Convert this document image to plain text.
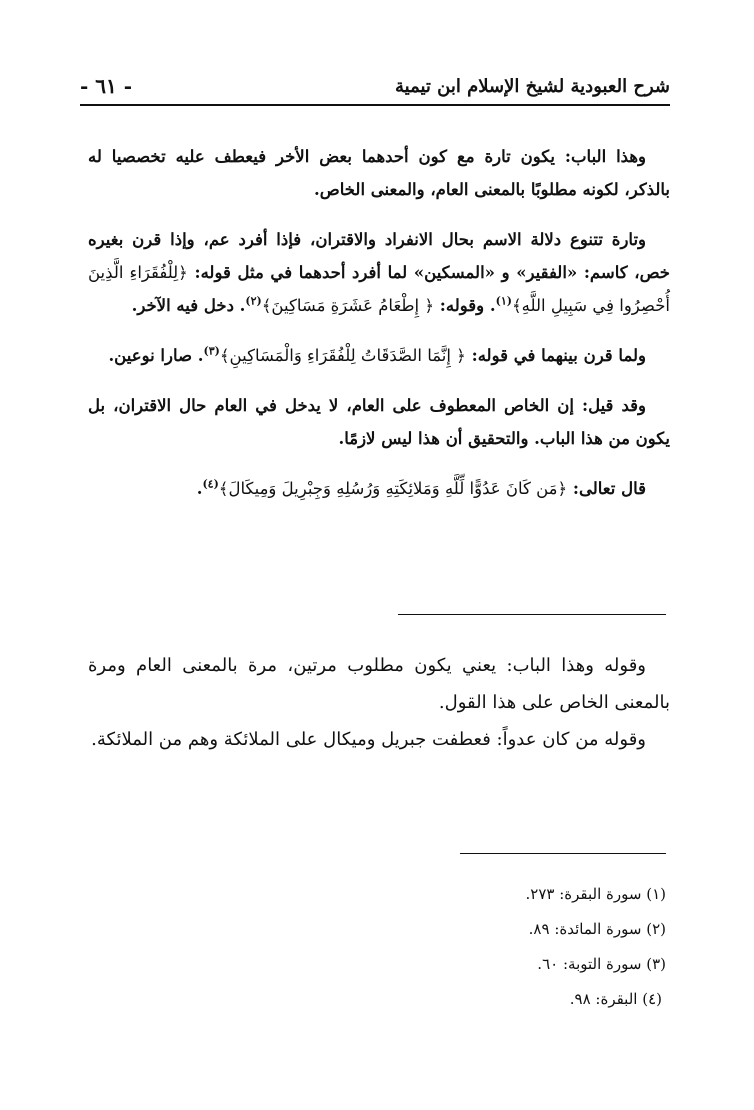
شرح العبودية لشيخ الإسلام ابن تيمية
- ٦١ -

وهذا الباب: يكون تارة مع كون أحدهما بعض الأخر فيعطف عليه تخصصيا له بالذكر، لكونه مطلوبًا بالمعنى العام، والمعنى الخاص.

وتارة تتنوع دلالة الاسم بحال الانفراد والاقتران، فإذا أفرد عم، وإذا قرن بغيره خص، كاسم: «الفقير» و «المسكين» لما أفرد أحدهما في مثل قوله: ﴿لِلْفُقَرَاءِ الَّذِينَ أُحْصِرُوا فِي سَبِيلِ اللَّهِ﴾$^{(١)}$. وقوله: ﴿ إِطْعَامُ عَشَرَةِ مَسَاكِينَ﴾$^{(٢)}$. دخل فيه الآخر.

ولما قرن بينهما في قوله: ﴿ إِنَّمَا الصَّدَقَاتُ لِلْفُقَرَاءِ وَالْمَسَاكِينِ﴾$^{(٣)}$. صارا نوعين.

وقد قيل: إن الخاص المعطوف على العام، لا يدخل في العام حال الاقتران، بل يكون من هذا الباب. والتحقيق أن هذا ليس لازمًا.

قال تعالى: ﴿مَن كَانَ عَدُوًّا لِّلَّهِ وَمَلائِكَتِهِ وَرُسُلِهِ وَجِبْرِيلَ وَمِيكَالَ﴾$^{(٤)}$.

وقوله وهذا الباب: يعني يكون مطلوب مرتين، مرة بالمعنى العام ومرة بالمعنى الخاص على هذا القول.

وقوله من كان عدواً: فعطفت جبريل وميكال على الملائكة وهم من الملائكة.

(١) سورة البقرة: ٢٧٣.
(٢) سورة المائدة: ٨٩.
(٣) سورة التوبة: ٦٠.
(٤) البقرة: ٩٨.
